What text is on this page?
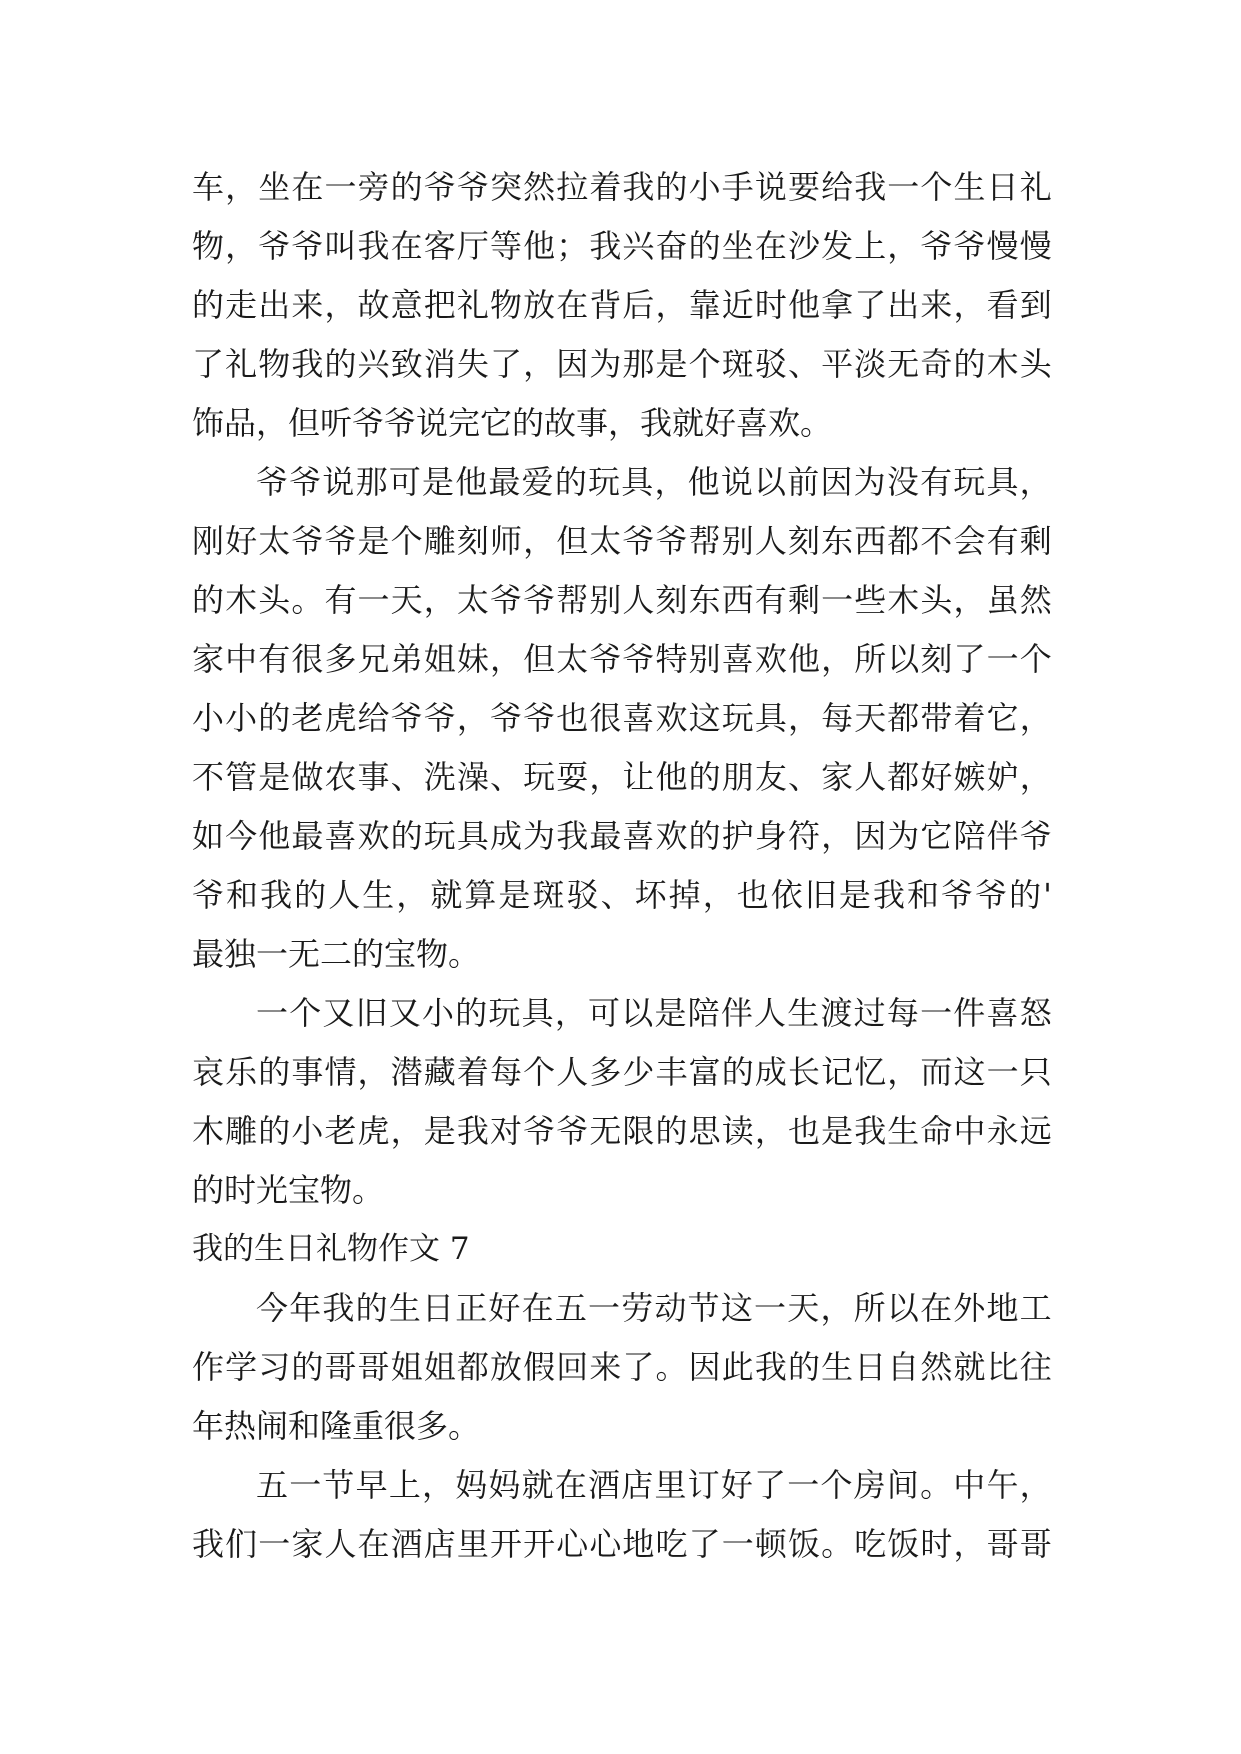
车 ， 坐 在 一 旁 的 爷 爷 突 然 拉 着 我 的 小 手 说 要 给 我 一 个 生 日 礼
物 ， 爷 爷 叫 我 在 客 厅 等 他 ； 我 兴 奋 的 坐 在 沙 发 上 ， 爷 爷 慢 慢
的 走 出 来 ， 故 意 把 礼 物 放 在 背 后 ， 靠 近 时 他 拿 了 出 来 ， 看 到
了 礼 物 我 的 兴 致 消 失 了 ， 因 为 那 是 个 斑 驳 、 平 淡 无 奇 的 木 头
饰品，但听爷爷说完它的故事，我就好喜欢。
爷 爷 说 那 可 是 他 最 爱 的 玩 具 ， 他 说 以 前 因 为 没 有 玩 具 ，
刚 好 太 爷 爷 是 个 雕 刻 师 ， 但 太 爷 爷 帮 别 人 刻 东 西 都 不 会 有 剩
的 木 头 。 有 一 天 ， 太 爷 爷 帮 别 人 刻 东 西 有 剩 一 些 木 头 ， 虽 然
家 中 有 很 多 兄 弟 姐 妹 ， 但 太 爷 爷 特 别 喜 欢 他 ， 所 以 刻 了 一 个
小 小 的 老 虎 给 爷 爷 ， 爷 爷 也 很 喜 欢 这 玩 具 ， 每 天 都 带 着 它 ，
不 管 是 做 农 事 、 洗 澡 、 玩 耍 ， 让 他 的 朋 友 、 家 人 都 好 嫉 妒 ，
如 今 他 最 喜 欢 的 玩 具 成 为 我 最 喜 欢 的 护 身 符 ， 因 为 它 陪 伴 爷
爷 和 我 的 人 生 ， 就 算 是 斑 驳 、 坏 掉 ， 也 依 旧 是 我 和 爷 爷 的 '
最独一无二的宝物。
一 个 又 旧 又 小 的 玩 具 ， 可 以 是 陪 伴 人 生 渡 过 每 一 件 喜 怒
哀 乐 的 事 情 ， 潜 藏 着 每 个 人 多 少 丰 富 的 成 长 记 忆 ， 而 这 一 只
木 雕 的 小 老 虎 ， 是 我 对 爷 爷 无 限 的 思 读 ， 也 是 我 生 命 中 永 远
的时光宝物。
我的生日礼物作文 7
今 年 我 的 生 日 正 好 在 五 一 劳 动 节 这 一 天 ， 所 以 在 外 地 工
作 学 习 的 哥 哥 姐 姐 都 放 假 回 来 了 。 因 此 我 的 生 日 自 然 就 比 往
年热闹和隆重很多。
五 一 节 早 上 ， 妈 妈 就 在 酒 店 里 订 好 了 一 个 房 间 。 中 午 ，
我 们 一 家 人 在 酒 店 里 开 开 心 心 地 吃 了 一 顿 饭 。 吃 饭 时 ， 哥 哥
